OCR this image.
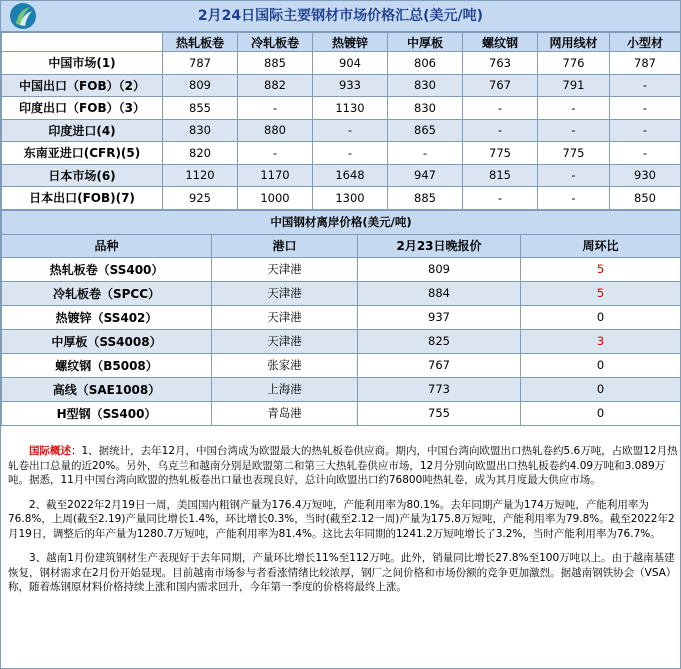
2月24日国际主要钢材市场价格汇总(美元/吨)
	热轧板卷	冷轧板卷	热镀锌	中厚板	螺纹钢	网用线材	小型材
中国市场(1)	787	885	904	806	763	776	787
中国出口（FOB）（2）	809	882	933	830	767	791	-
印度出口（FOB）（3）	855	-	1130	830	-	-	-
印度进口(4)	830	880	-	865	-	-	-
东南亚进口(CFR)(5)	820	-	-	-	775	775	-
日本市场(6)	1120	1170	1648	947	815	-	930
日本出口(FOB)(7)	925	1000	1300	885	-	-	850
中国钢材离岸价格(美元/吨)			
品种	港口	2月23日晚报价	周环比
热轧板卷（SS400）	天津港	809	5
冷轧板卷（SPCC）	天津港	884	5
热镀锌（SS402）	天津港	937	0
中厚板（SS4008）	天津港	825	3
螺纹钢（B5008）	张家港	767	0
高线（SAE1008）	上海港	773	0
H型钢（SS400）	青岛港	755	0

国际概述：1、据统计，去年12月，中国台湾成为欧盟最大的热轧板卷供应商。期内，中国台湾向欧盟出口热轧卷约5.6万吨，占欧盟12月热轧卷出口总量的近20%。另外，乌克兰和越南分别是欧盟第二和第三大热轧卷供应市场，12月分别向欧盟出口热轧板卷约4.09万吨和3.089万吨。据悉，11月中国台湾向欧盟的热轧板卷出口量也表现良好，总计向欧盟出口约76800吨热轧卷，成为其月度最大供应市场。

2、截至2022年2月19日一周，美国国内粗钢产量为176.4万短吨，产能利用率为80.1%。去年同期产量为174万短吨，产能利用率为76.8%，上周(截至2.19)产量同比增长1.4%，环比增长0.3%，当时(截至2.12一周)产量为175.8万短吨，产能利用率为79.8%。截至2022年2月19日，调整后的年产量为1280.7万短吨，产能利用率为81.4%。这比去年同期的1241.2万短吨增长了3.2%，当时产能利用率为76.7%。

3、越南1月份建筑钢材生产表现好于去年同期，产量环比增长11%至112万吨。此外，销量同比增长27.8%至100万吨以上。由于越南基建恢复，钢材需求在2月份开始显现。目前越南市场参与者看涨情绪比较浓厚，钢厂之间价格和市场份额的竞争更加激烈。据越南钢铁协会（VSA）称，随着炼钢原材料价格持续上涨和国内需求回升，今年第一季度的价格将最终上涨。
